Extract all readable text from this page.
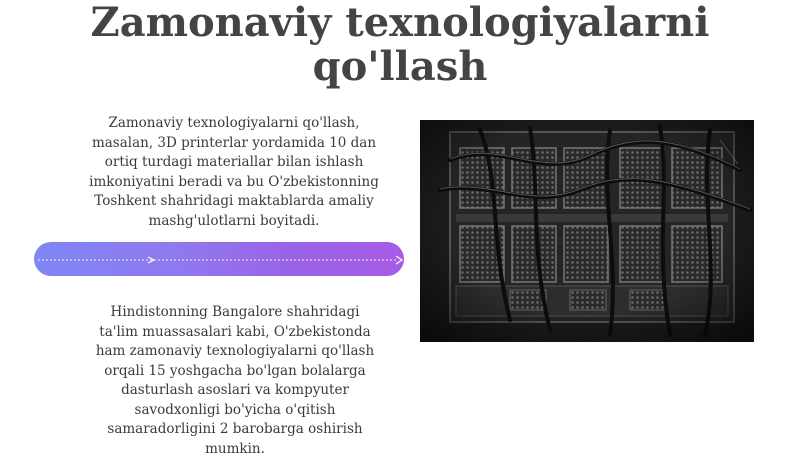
Zamonaviy texnologiyalarni
qo'llash
Zamonaviy texnologiyalarni qo'llash,
masalan, 3D printerlar yordamida 10 dan
ortiq turdagi materiallar bilan ishlash
imkoniyatini beradi va bu O'zbekistonning
Toshkent shahridagi maktablarda amaliy
mashg'ulotlarni boyitadi.
Hindistonning Bangalore shahridagi
ta'lim muassasalari kabi, O'zbekistonda
ham zamonaviy texnologiyalarni qo'llash
orqali 15 yoshgacha bo'lgan bolalarga
dasturlash asoslari va kompyuter
savodxonligi bo'yicha o'qitish
samaradorligini 2 barobarga oshirish
mumkin.
